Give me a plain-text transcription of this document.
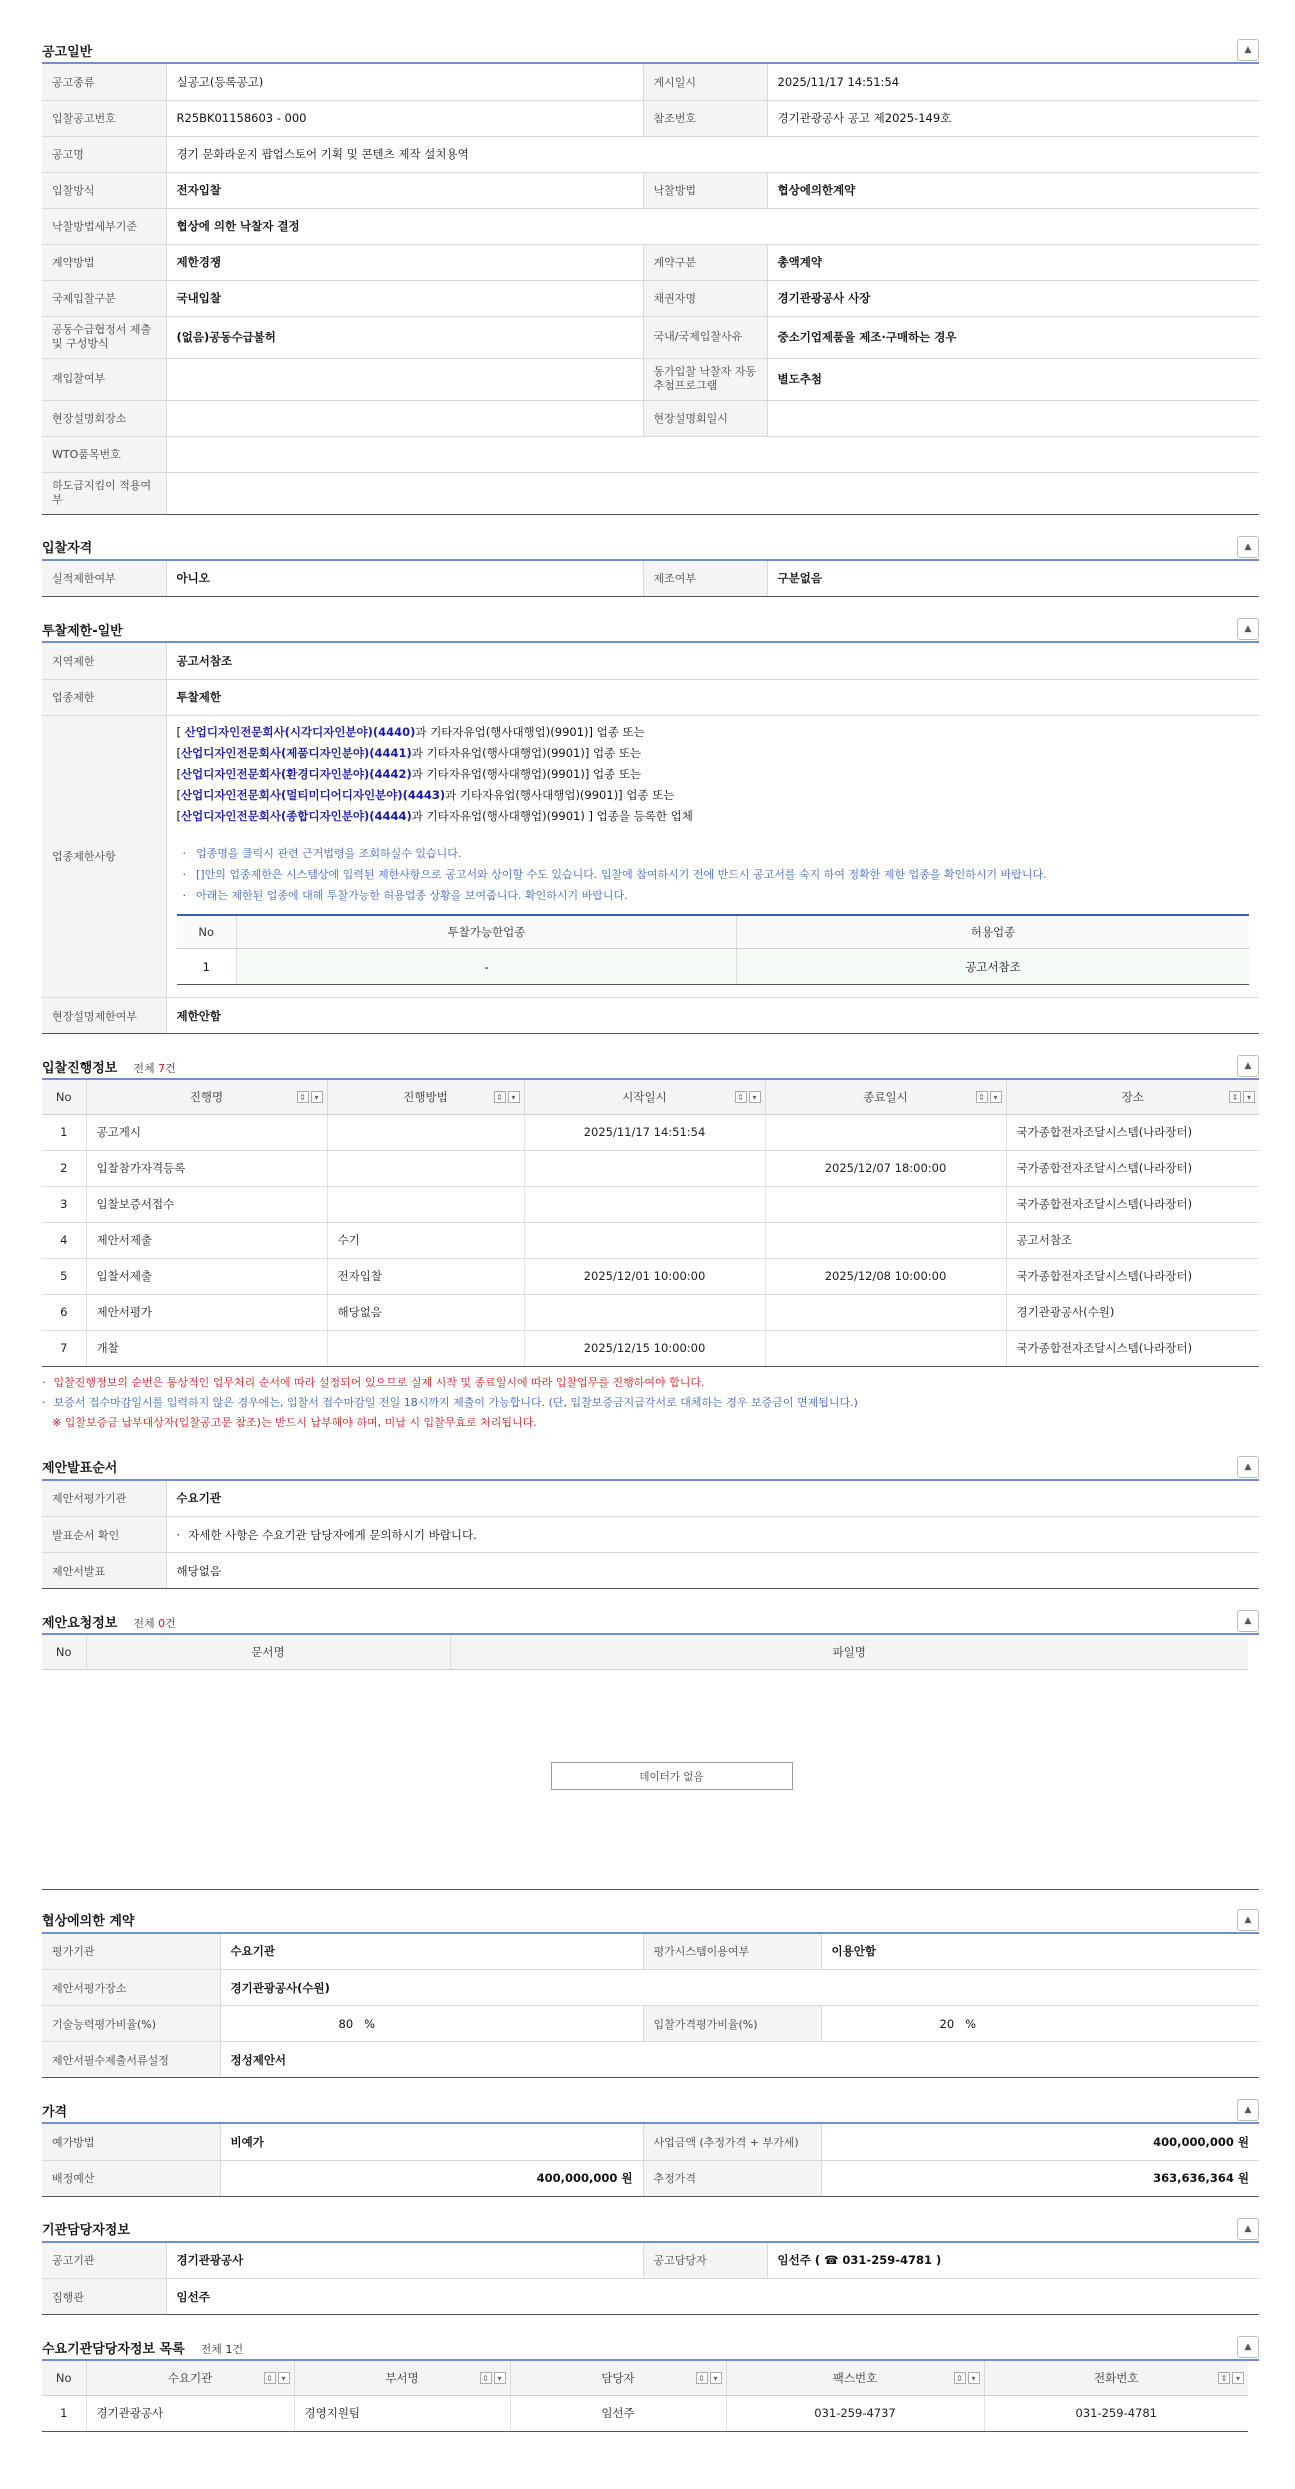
공고일반	▲
공고종류	실공고(등록공고)	게시일시	2025/11/17 14:51:54
입찰공고번호	R25BK01158603 - 000	참조번호	경기관광공사 공고 제2025-149호
공고명	경기 문화라운지 팝업스토어 기획 및 콘텐츠 제작 설치용역		
입찰방식	전자입찰	낙찰방법	협상에의한계약
낙찰방법세부기준	협상에 의한 낙찰자 결정		
계약방법	제한경쟁	계약구분	총액계약
국제입찰구분	국내입찰	채권자명	경기관광공사 사장
공동수급협정서 제출 및 구성방식	(없음)공동수급불허	국내/국제입찰사유	중소기업제품을 제조·구매하는 경우
재입찰여부		동가입찰 낙찰자 자동추첨프로그램	별도추첨
현장설명회장소		현장설명회일시	
WTO품목번호			
하도급지킴이 적용여부			
입찰자격	▲
실적제한여부	아니오	제조여부	구분없음
투찰제한-일반	▲
지역제한	공고서참조
업종제한	투찰제한
업종제한사항	
[ 산업디자인전문회사(시각디자인분야)(4440)과 기타자유업(행사대행업)(9901)] 업종 또는
[산업디자인전문회사(제품디자인분야)(4441)과 기타자유업(행사대행업)(9901)] 업종 또는
[산업디자인전문회사(환경디자인분야)(4442)과 기타자유업(행사대행업)(9901)] 업종 또는
[산업디자인전문회사(멀티미디어디자인분야)(4443)과 기타자유업(행사대행업)(9901)] 업종 또는
[산업디자인전문회사(종합디자인분야)(4444)과 기타자유업(행사대행업)(9901) ] 업종을 등록한 업체
· 업종명을 클릭시 관련 근거법령을 조회하실수 있습니다.
· []안의 업종제한은 시스템상에 입력된 제한사항으로 공고서와 상이할 수도 있습니다. 입찰에 참여하시기 전에 반드시 공고서를 숙지 하여 정확한 제한 업종을 확인하시기 바랍니다.
· 아래는 제한된 업종에 대해 투찰가능한 허용업종 상황을 보여줍니다. 확인하시기 바랍니다.
No	투찰가능한업종	허용업종
1	-	공고서참조

현장설명제한여부	제한안함
입찰진행정보 전체 7건	▲
No	진행명 ⇕ ▾	진행방법 ⇕ ▾	시작일시 ⇕ ▾	종료일시 ⇕ ▾	장소 ⇕ ▾

1	공고게시		2025/11/17 14:51:54		국가종합전자조달시스템(나라장터)
2	입찰참가자격등록			2025/12/07 18:00:00	국가종합전자조달시스템(나라장터)
3	입찰보증서접수				국가종합전자조달시스템(나라장터)
4	제안서제출	수기			공고서참조
5	입찰서제출	전자입찰	2025/12/01 10:00:00	2025/12/08 10:00:00	국가종합전자조달시스템(나라장터)
6	제안서평가	해당없음			경기관광공사(수원)
7	개찰		2025/12/15 10:00:00		국가종합전자조달시스템(나라장터)
· 입찰진행정보의 순번은 통상적인 업무처리 순서에 따라 설정되어 있으므로 실제 시작 및 종료일시에 따라 입찰업무를 진행하여야 합니다.
· 보증서 접수마감일시를 입력하지 않은 경우에는, 입찰서 접수마감일 전일 18시까지 제출이 가능합니다. (단, 입찰보증금지급각서로 대체하는 경우 보증금이 면제됩니다.)
※ 입찰보증금 납부대상자(입찰공고문 참조)는 반드시 납부해야 하며, 미납 시 입찰무효로 처리됩니다.
제안발표순서	▲
제안서평가기관	수요기관
발표순서 확인	· 자세한 사항은 수요기관 담당자에게 문의하시기 바랍니다.
제안서발표	해당없음
제안요청정보 전체 0건	▲
No	문서명	파일명
데이터가 없음
협상에의한 계약	▲
평가기관	수요기관	평가시스템이용여부	이용안함
제안서평가장소	경기관광공사(수원)		
기술능력평가비율(%)	80 %	입찰가격평가비율(%)	20 %
제안서필수제출서류설정	정성제안서		
가격	▲
예가방법	비예가	사업금액 (추정가격 + 부가세)	400,000,000 원
배정예산	400,000,000 원	추정가격	363,636,364 원
기관담당자정보	▲
공고기관	경기관광공사	공고담당자	임선주 ( ☎ 031-259-4781 )
집행관	임선주		
수요기관담당자정보 목록 전체 1건	▲
No	수요기관 ⇕ ▾	부서명 ⇕ ▾	담당자 ⇕ ▾	팩스번호 ⇕ ▾	전화번호 ⇕ ▾

1	경기관광공사	경영지원팀	임선주	031-259-4737	031-259-4781
